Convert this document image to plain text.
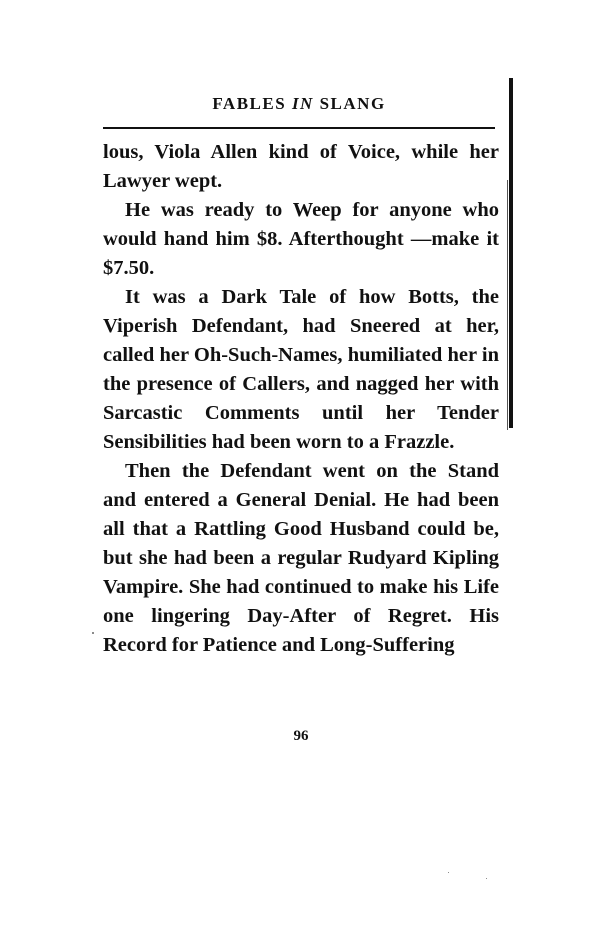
FABLES IN SLANG

lous, Viola Allen kind of Voice, while her Lawyer wept.

He was ready to Weep for anyone who would hand him $8. Afterthought —make it $7.50.

It was a Dark Tale of how Botts, the Viperish Defendant, had Sneered at her, called her Oh-Such-Names, humiliated her in the presence of Callers, and nagged her with Sarcastic Comments until her Tender Sensibilities had been worn to a Frazzle.

Then the Defendant went on the Stand and entered a General Denial. He had been all that a Rattling Good Husband could be, but she had been a regular Rudyard Kipling Vampire. She had continued to make his Life one lingering Day-After of Regret. His Record for Patience and Long-Suffering

96
